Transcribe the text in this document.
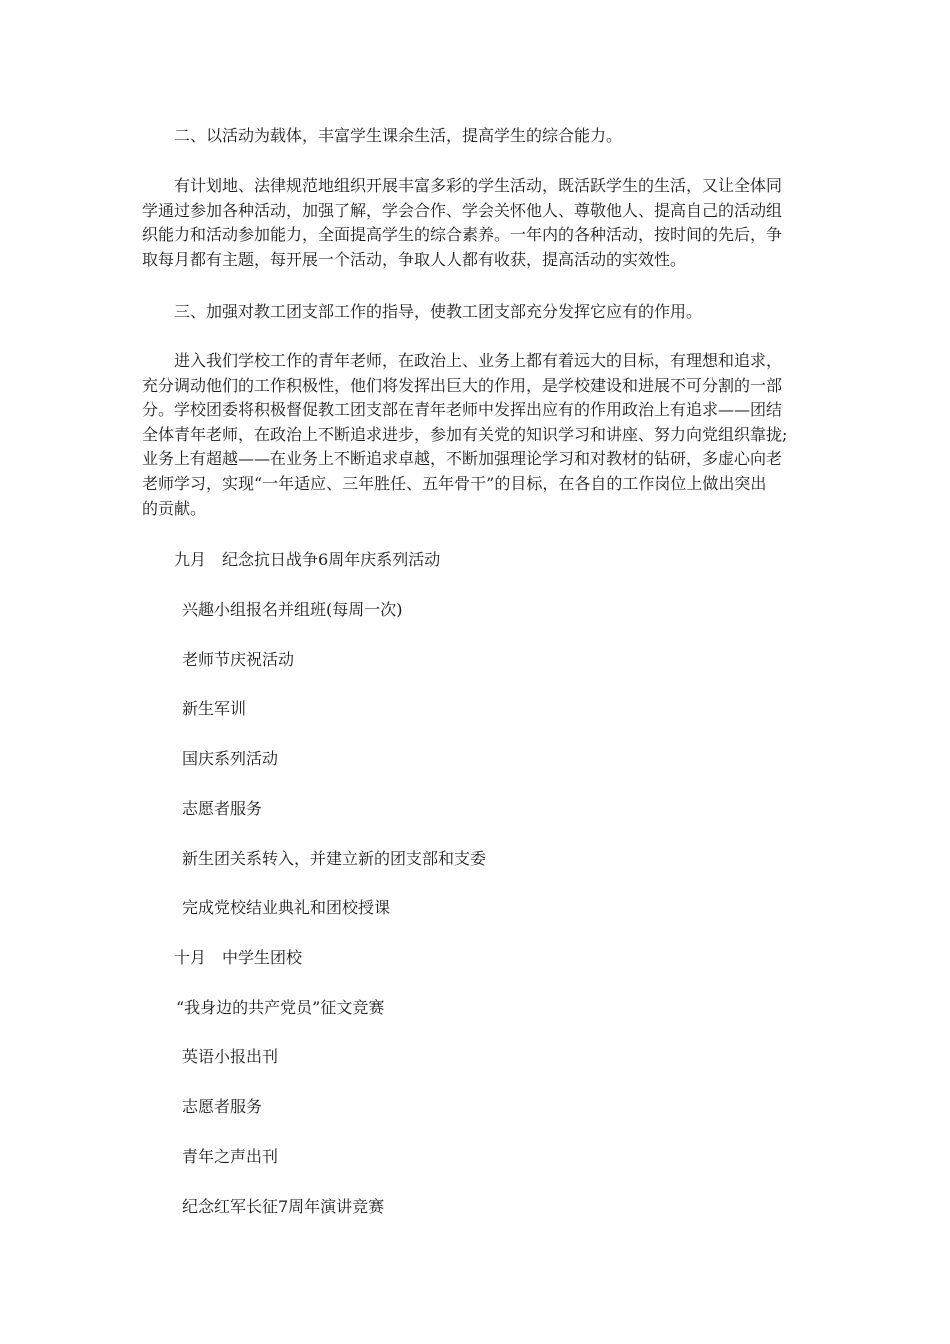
二、以活动为载体，丰富学生课余生活，提高学生的综合能力。
有计划地、法律规范地组织开展丰富多彩的学生活动，既活跃学生的生活，又让全体同
学通过参加各种活动，加强了解，学会合作、学会关怀他人、尊敬他人、提高自己的活动组
织能力和活动参加能力，全面提高学生的综合素养。一年内的各种活动，按时间的先后，争
取每月都有主题，每开展一个活动，争取人人都有收获，提高活动的实效性。
三、加强对教工团支部工作的指导，使教工团支部充分发挥它应有的作用。
进入我们学校工作的青年老师，在政治上、业务上都有着远大的目标，有理想和追求，
充分调动他们的工作积极性，他们将发挥出巨大的作用，是学校建设和进展不可分割的一部
分。学校团委将积极督促教工团支部在青年老师中发挥出应有的作用政治上有追求——团结
全体青年老师，在政治上不断追求进步，参加有关党的知识学习和讲座、努力向党组织靠拢;
业务上有超越——在业务上不断追求卓越，不断加强理论学习和对教材的钻研，多虚心向老
老师学习，实现“一年适应、三年胜任、五年骨干”的目标，在各自的工作岗位上做出突出
的贡献。
九月 纪念抗日战争6周年庆系列活动
兴趣小组报名并组班(每周一次)
老师节庆祝活动
新生军训
国庆系列活动
志愿者服务
新生团关系转入，并建立新的团支部和支委
完成党校结业典礼和团校授课
十月 中学生团校
“我身边的共产党员”征文竞赛
英语小报出刊
志愿者服务
青年之声出刊
纪念红军长征7周年演讲竞赛
